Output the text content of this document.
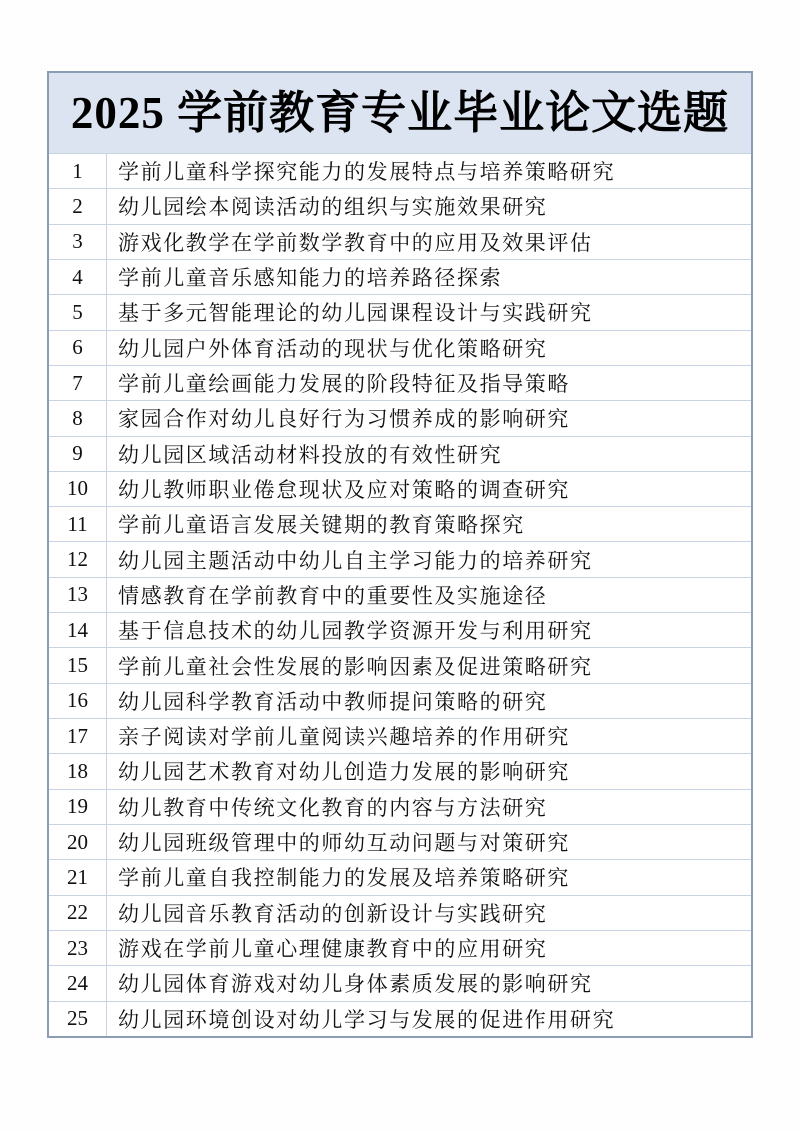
2025 学前教育专业毕业论文选题
1	学前儿童科学探究能力的发展特点与培养策略研究
2	幼儿园绘本阅读活动的组织与实施效果研究
3	游戏化教学在学前数学教育中的应用及效果评估
4	学前儿童音乐感知能力的培养路径探索
5	基于多元智能理论的幼儿园课程设计与实践研究
6	幼儿园户外体育活动的现状与优化策略研究
7	学前儿童绘画能力发展的阶段特征及指导策略
8	家园合作对幼儿良好行为习惯养成的影响研究
9	幼儿园区域活动材料投放的有效性研究
10	幼儿教师职业倦怠现状及应对策略的调查研究
11	学前儿童语言发展关键期的教育策略探究
12	幼儿园主题活动中幼儿自主学习能力的培养研究
13	情感教育在学前教育中的重要性及实施途径
14	基于信息技术的幼儿园教学资源开发与利用研究
15	学前儿童社会性发展的影响因素及促进策略研究
16	幼儿园科学教育活动中教师提问策略的研究
17	亲子阅读对学前儿童阅读兴趣培养的作用研究
18	幼儿园艺术教育对幼儿创造力发展的影响研究
19	幼儿教育中传统文化教育的内容与方法研究
20	幼儿园班级管理中的师幼互动问题与对策研究
21	学前儿童自我控制能力的发展及培养策略研究
22	幼儿园音乐教育活动的创新设计与实践研究
23	游戏在学前儿童心理健康教育中的应用研究
24	幼儿园体育游戏对幼儿身体素质发展的影响研究
25	幼儿园环境创设对幼儿学习与发展的促进作用研究
